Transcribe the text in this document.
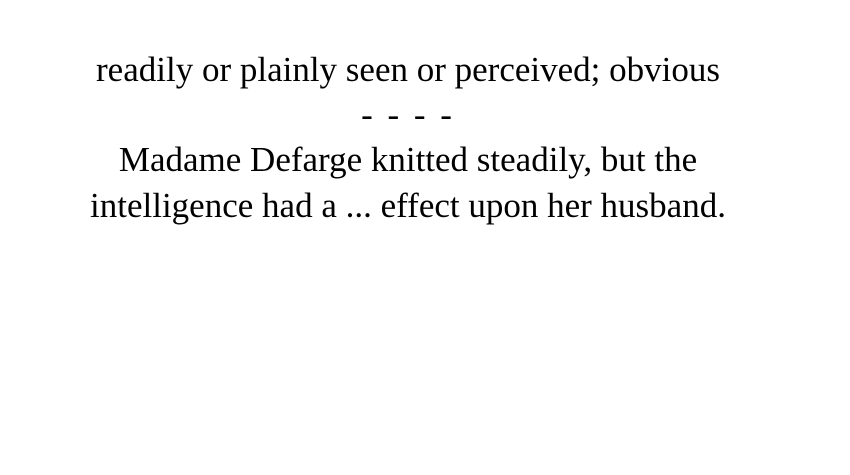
readily or plainly seen or perceived; obvious
- - - -
Madame Defarge knitted steadily, but the
intelligence had a ... effect upon her husband.
